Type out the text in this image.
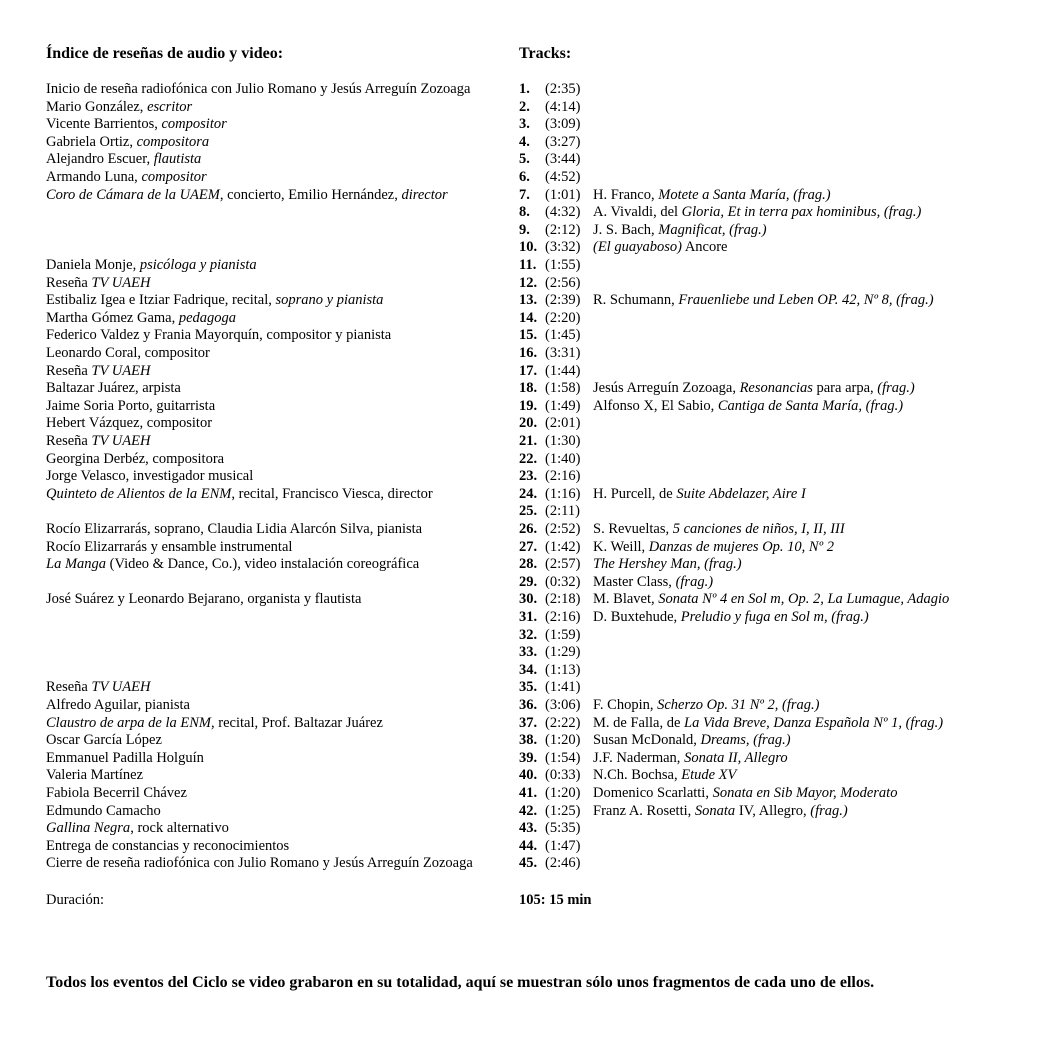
Índice de reseñas de audio y video:	Tracks:
Inicio de reseña radiofónica con Julio Romano y Jesús Arreguín Zozoaga	1. (2:35)
Mario González, escritor	2. (4:14)
Vicente Barrientos, compositor	3. (3:09)
Gabriela Ortiz, compositora	4. (3:27)
Alejandro Escuer, flautista	5. (3:44)
Armando Luna, compositor	6. (4:52)
Coro de Cámara de la UAEM, concierto, Emilio Hernández, director	7. (1:01) H. Franco, Motete a Santa María, (frag.)
8. (4:32) A. Vivaldi, del Gloria, Et in terra pax hominibus, (frag.)
9. (2:12) J. S. Bach, Magnificat, (frag.)
10. (3:32) (El guayaboso) Ancore
Daniela Monje, psicóloga y pianista	11. (1:55)
Reseña TV UAEH	12. (2:56)
Estibaliz Igea e Itziar Fadrique, recital, soprano y pianista	13. (2:39) R. Schumann, Frauenliebe und Leben OP. 42, Nº 8, (frag.)
Martha Gómez Gama, pedagoga	14. (2:20)
Federico Valdez y Frania Mayorquín, compositor y pianista	15. (1:45)
Leonardo Coral, compositor	16. (3:31)
Reseña TV UAEH	17. (1:44)
Baltazar Juárez, arpista	18. (1:58) Jesús Arreguín Zozoaga, Resonancias para arpa, (frag.)
Jaime Soria Porto, guitarrista	19. (1:49) Alfonso X, El Sabio, Cantiga de Santa María, (frag.)
Hebert Vázquez, compositor	20. (2:01)
Reseña TV UAEH	21. (1:30)
Georgina Derbéz, compositora	22. (1:40)
Jorge Velasco, investigador musical	23. (2:16)
Quinteto de Alientos de la ENM, recital, Francisco Viesca, director	24. (1:16) H. Purcell, de Suite Abdelazer, Aire I
25. (2:11)
Rocío Elizarrarás, soprano, Claudia Lidia Alarcón Silva, pianista	26. (2:52) S. Revueltas, 5 canciones de niños, I, II, III
Rocío Elizarrarás y ensamble instrumental	27. (1:42) K. Weill, Danzas de mujeres Op. 10, Nº 2
La Manga (Video & Dance, Co.), video instalación coreográfica	28. (2:57) The Hershey Man, (frag.)
29. (0:32) Master Class, (frag.)
José Suárez y Leonardo Bejarano, organista y flautista	30. (2:18) M. Blavet, Sonata Nº 4 en Sol m, Op. 2, La Lumague, Adagio
31. (2:16) D. Buxtehude, Preludio y fuga en Sol m, (frag.)
32. (1:59)
33. (1:29)
34. (1:13)
Reseña TV UAEH	35. (1:41)
Alfredo Aguilar, pianista	36. (3:06) F. Chopin, Scherzo Op. 31 Nº 2, (frag.)
Claustro de arpa de la ENM, recital, Prof. Baltazar Juárez	37. (2:22) M. de Falla, de La Vida Breve, Danza Española Nº 1, (frag.)
Oscar García López	38. (1:20) Susan McDonald, Dreams, (frag.)
Emmanuel Padilla Holguín	39. (1:54) J.F. Naderman, Sonata II, Allegro
Valeria Martínez	40. (0:33) N.Ch. Bochsa, Etude XV
Fabiola Becerril Chávez	41. (1:20) Domenico Scarlatti, Sonata en Sib Mayor, Moderato
Edmundo Camacho	42. (1:25) Franz A. Rosetti, Sonata IV, Allegro, (frag.)
Gallina Negra, rock alternativo	43. (5:35)
Entrega de constancias y reconocimientos	44. (1:47)
Cierre de reseña radiofónica con Julio Romano y Jesús Arreguín Zozoaga	45. (2:46)
Duración:	105: 15 min
Todos los eventos del Ciclo se video grabaron en su totalidad, aquí se muestran sólo unos fragmentos de cada uno de ellos.
